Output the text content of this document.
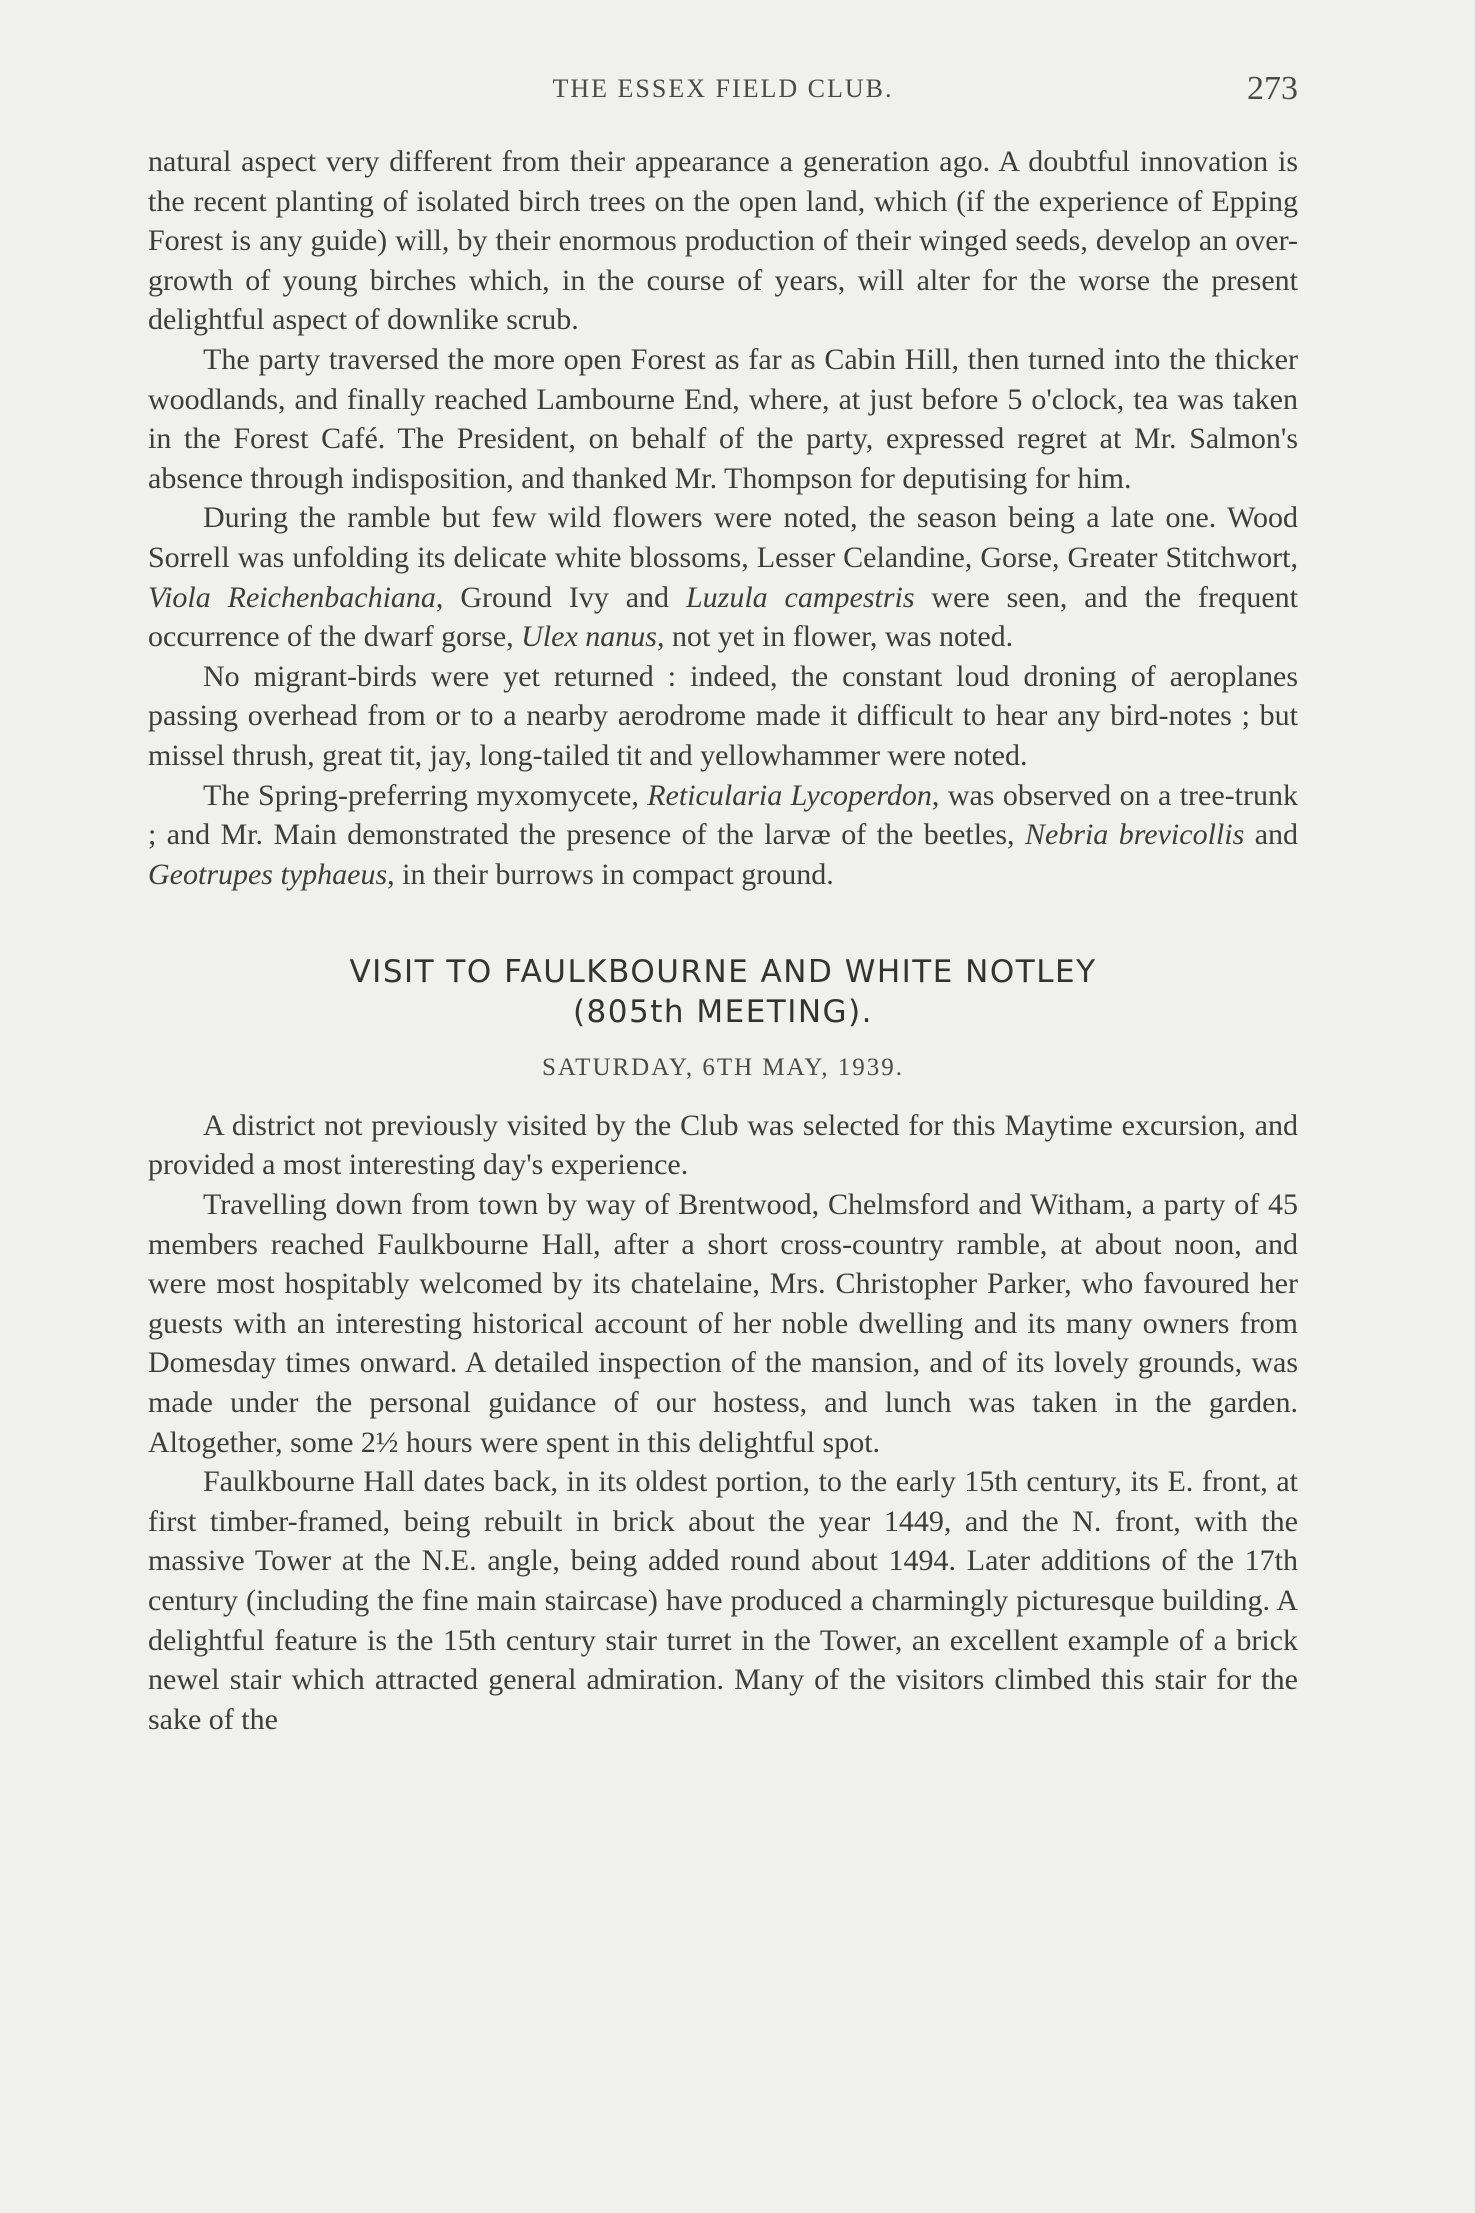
THE ESSEX FIELD CLUB.	273

natural aspect very different from their appearance a generation ago. A doubtful innovation is the recent planting of isolated birch trees on the open land, which (if the experience of Epping Forest is any guide) will, by their enormous production of their winged seeds, develop an over-growth of young birches which, in the course of years, will alter for the worse the present delightful aspect of downlike scrub.

The party traversed the more open Forest as far as Cabin Hill, then turned into the thicker woodlands, and finally reached Lambourne End, where, at just before 5 o'clock, tea was taken in the Forest Café. The President, on behalf of the party, expressed regret at Mr. Salmon's absence through indisposition, and thanked Mr. Thompson for deputising for him.

During the ramble but few wild flowers were noted, the season being a late one. Wood Sorrell was unfolding its delicate white blossoms, Lesser Celandine, Gorse, Greater Stitchwort, Viola Reichenbachiana, Ground Ivy and Luzula campestris were seen, and the frequent occurrence of the dwarf gorse, Ulex nanus, not yet in flower, was noted.

No migrant-birds were yet returned : indeed, the constant loud droning of aeroplanes passing overhead from or to a nearby aerodrome made it difficult to hear any bird-notes ; but missel thrush, great tit, jay, long-tailed tit and yellowhammer were noted.

The Spring-preferring myxomycete, Reticularia Lycoperdon, was observed on a tree-trunk ; and Mr. Main demonstrated the presence of the larvæ of the beetles, Nebria brevicollis and Geotrupes typhaeus, in their burrows in compact ground.

VISIT TO FAULKBOURNE AND WHITE NOTLEY
(805th MEETING).
SATURDAY, 6TH MAY, 1939.

A district not previously visited by the Club was selected for this Maytime excursion, and provided a most interesting day's experience.

Travelling down from town by way of Brentwood, Chelmsford and Witham, a party of 45 members reached Faulkbourne Hall, after a short cross-country ramble, at about noon, and were most hospitably welcomed by its chatelaine, Mrs. Christopher Parker, who favoured her guests with an interesting historical account of her noble dwelling and its many owners from Domesday times onward. A detailed inspection of the mansion, and of its lovely grounds, was made under the personal guidance of our hostess, and lunch was taken in the garden. Altogether, some 2½ hours were spent in this delightful spot.

Faulkbourne Hall dates back, in its oldest portion, to the early 15th century, its E. front, at first timber-framed, being rebuilt in brick about the year 1449, and the N. front, with the massive Tower at the N.E. angle, being added round about 1494. Later additions of the 17th century (including the fine main staircase) have produced a charmingly picturesque building. A delightful feature is the 15th century stair turret in the Tower, an excellent example of a brick newel stair which attracted general admiration. Many of the visitors climbed this stair for the sake of the
